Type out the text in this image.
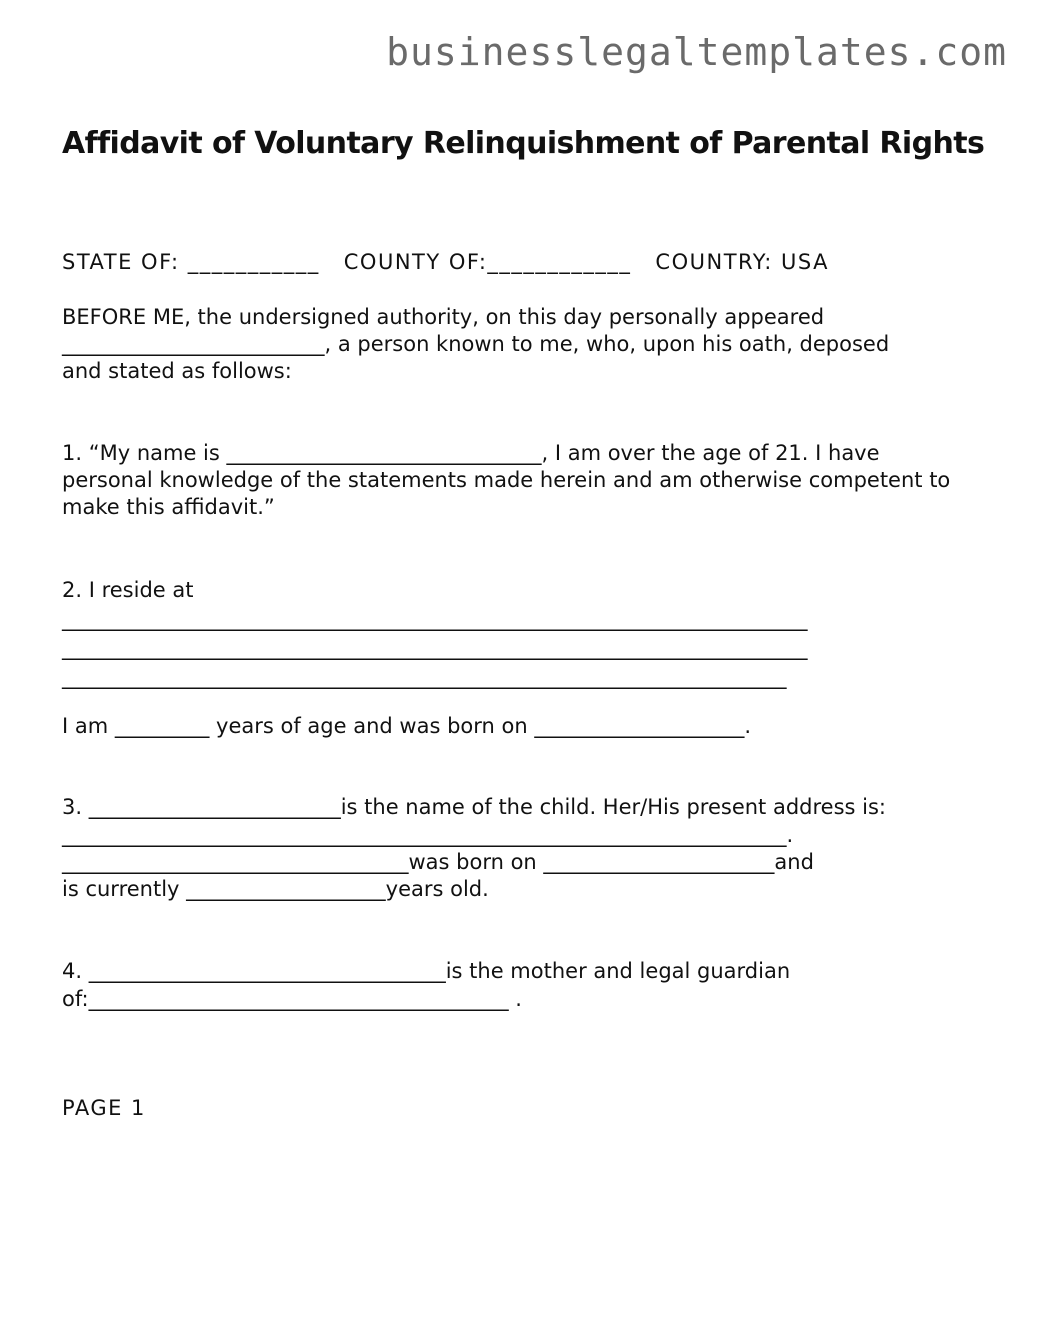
businesslegaltemplates.com
Affidavit of Voluntary Relinquishment of Parental Rights
STATE OF: ___________ COUNTY OF:____________ COUNTRY: USA
BEFORE ME, the undersigned authority, on this day personally appeared
_________________________, a person known to me, who, upon his oath, deposed
and stated as follows:
1. “My name is ______________________________, I am over the age of 21. I have
personal knowledge of the statements made herein and am otherwise competent to
make this affidavit.”
2. I reside at
_______________________________________________________________________
_______________________________________________________________________
_____________________________________________________________________
I am _________ years of age and was born on ____________________.
3. ________________________is the name of the child. Her/His present address is:
_____________________________________________________________________.
_________________________________was born on ______________________and
is currently ___________________years old.
4. __________________________________is the mother and legal guardian
of:________________________________________ .
PAGE 1
